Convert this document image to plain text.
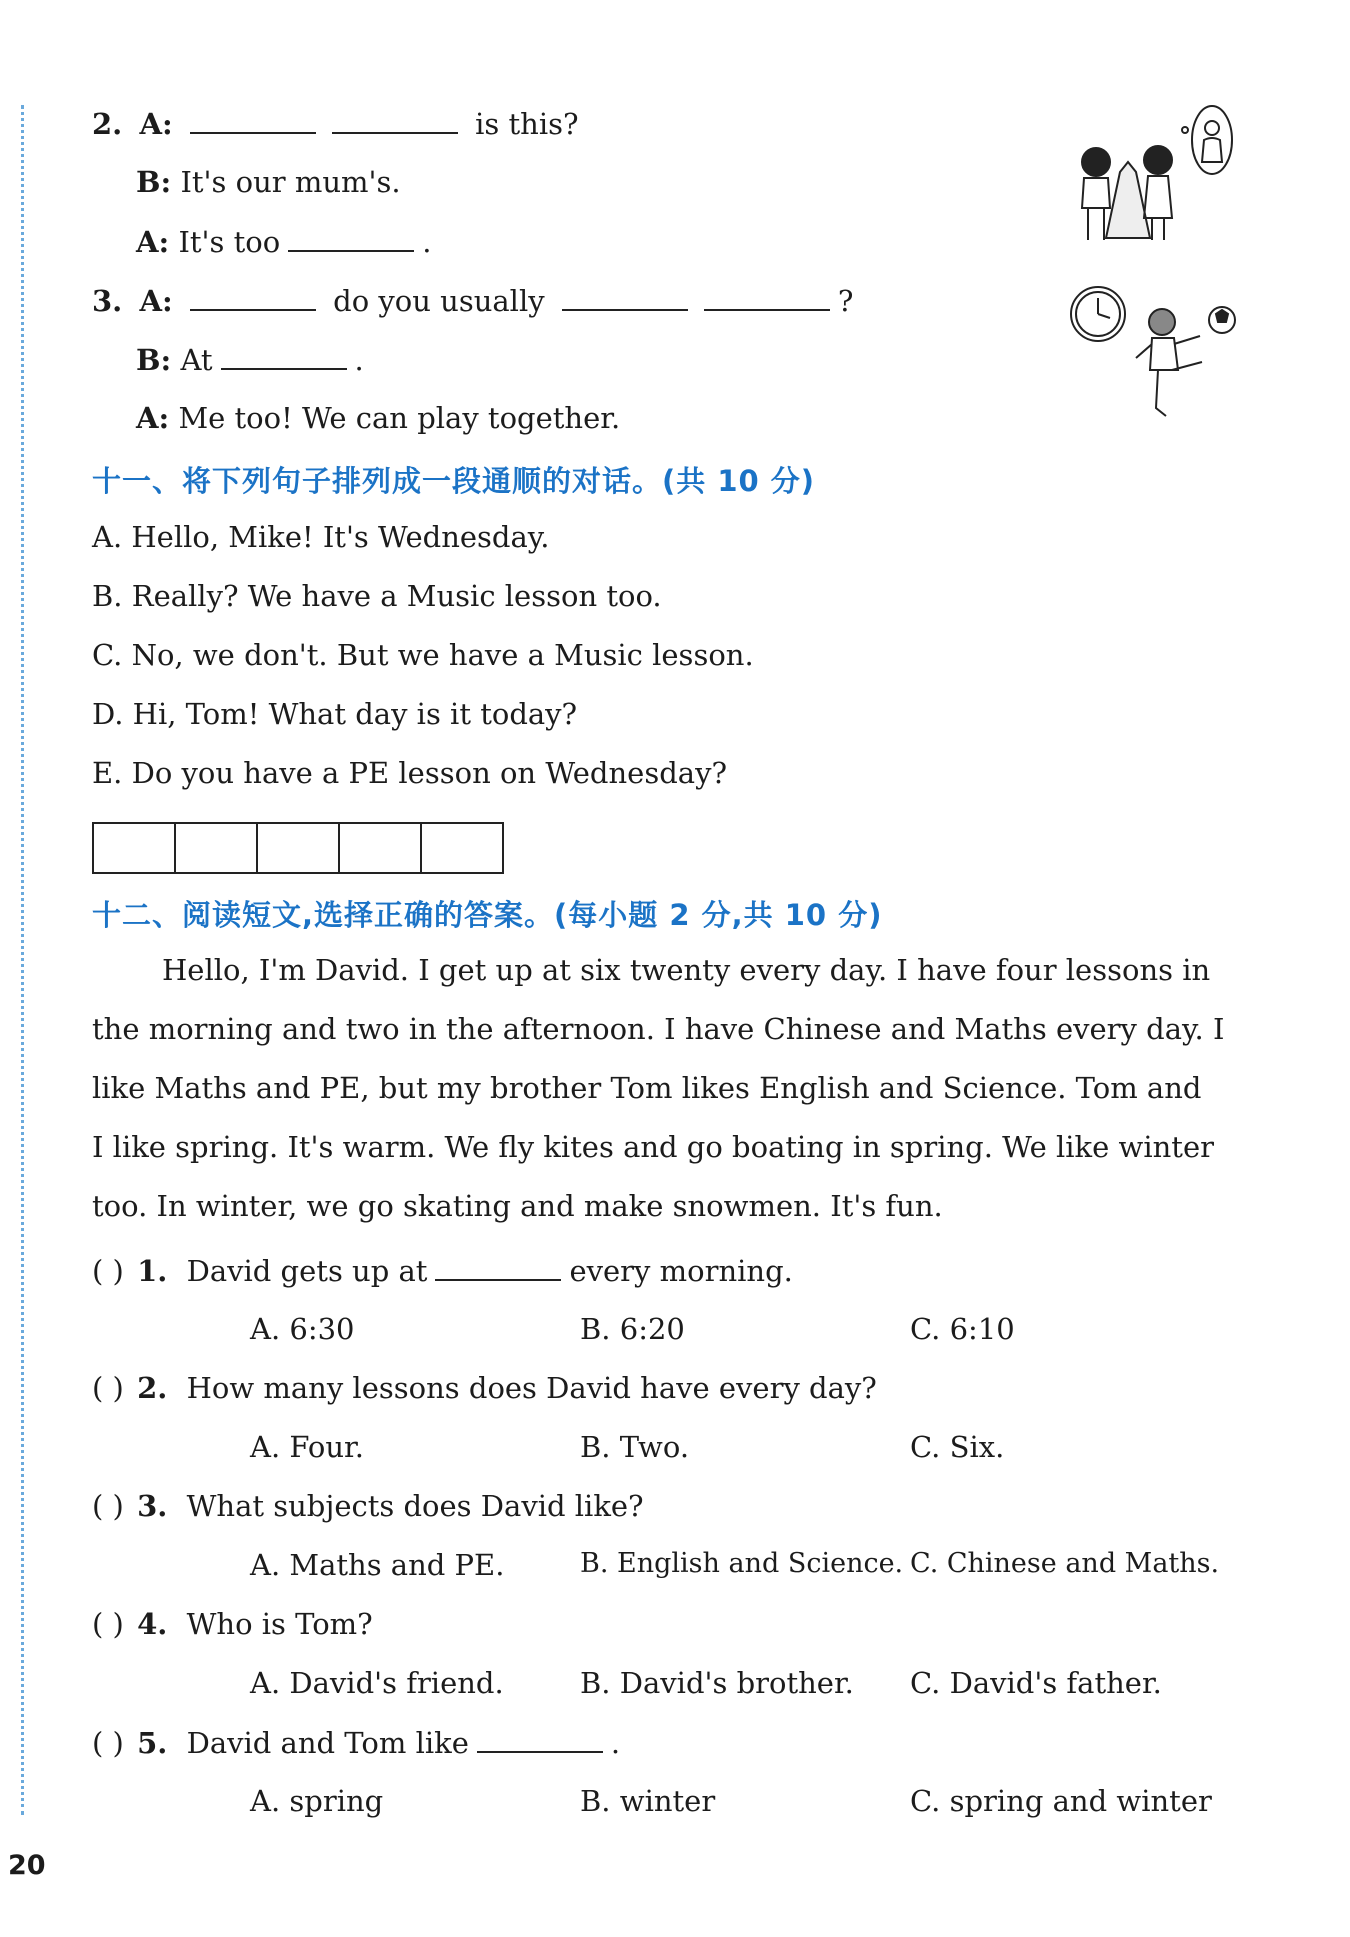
2. A:	is this?
B: It's our mum's.
A: It's too	.
3. A:	do you usually	?
B: At	.
A: Me too! We can play together.
十一、将下列句子排列成一段通顺的对话。(共 10 分)
A. Hello, Mike! It's Wednesday.
B. Really? We have a Music lesson too.
C. No, we don't. But we have a Music lesson.
D. Hi, Tom! What day is it today?
E. Do you have a PE lesson on Wednesday?
十二、阅读短文,选择正确的答案。(每小题 2 分,共 10 分)
Hello, I'm David. I get up at six twenty every day. I have four lessons in
the morning and two in the afternoon. I have Chinese and Maths every day. I
like Maths and PE, but my brother Tom likes English and Science. Tom and
I like spring. It's warm. We fly kites and go boating in spring. We like winter
too. In winter, we go skating and make snowmen. It's fun.
( ) 1. David gets up at	every morning.
A. 6:30	B. 6:20	C. 6:10
( ) 2. How many lessons does David have every day?
A. Four.	B. Two.	C. Six.
( ) 3. What subjects does David like?
A. Maths and PE.	B. English and Science. C. Chinese and Maths.
( ) 4. Who is Tom?
A. David's friend.	B. David's brother. C. David's father.
( ) 5. David and Tom like	.
A. spring	B. winter	C. spring and winter
20
